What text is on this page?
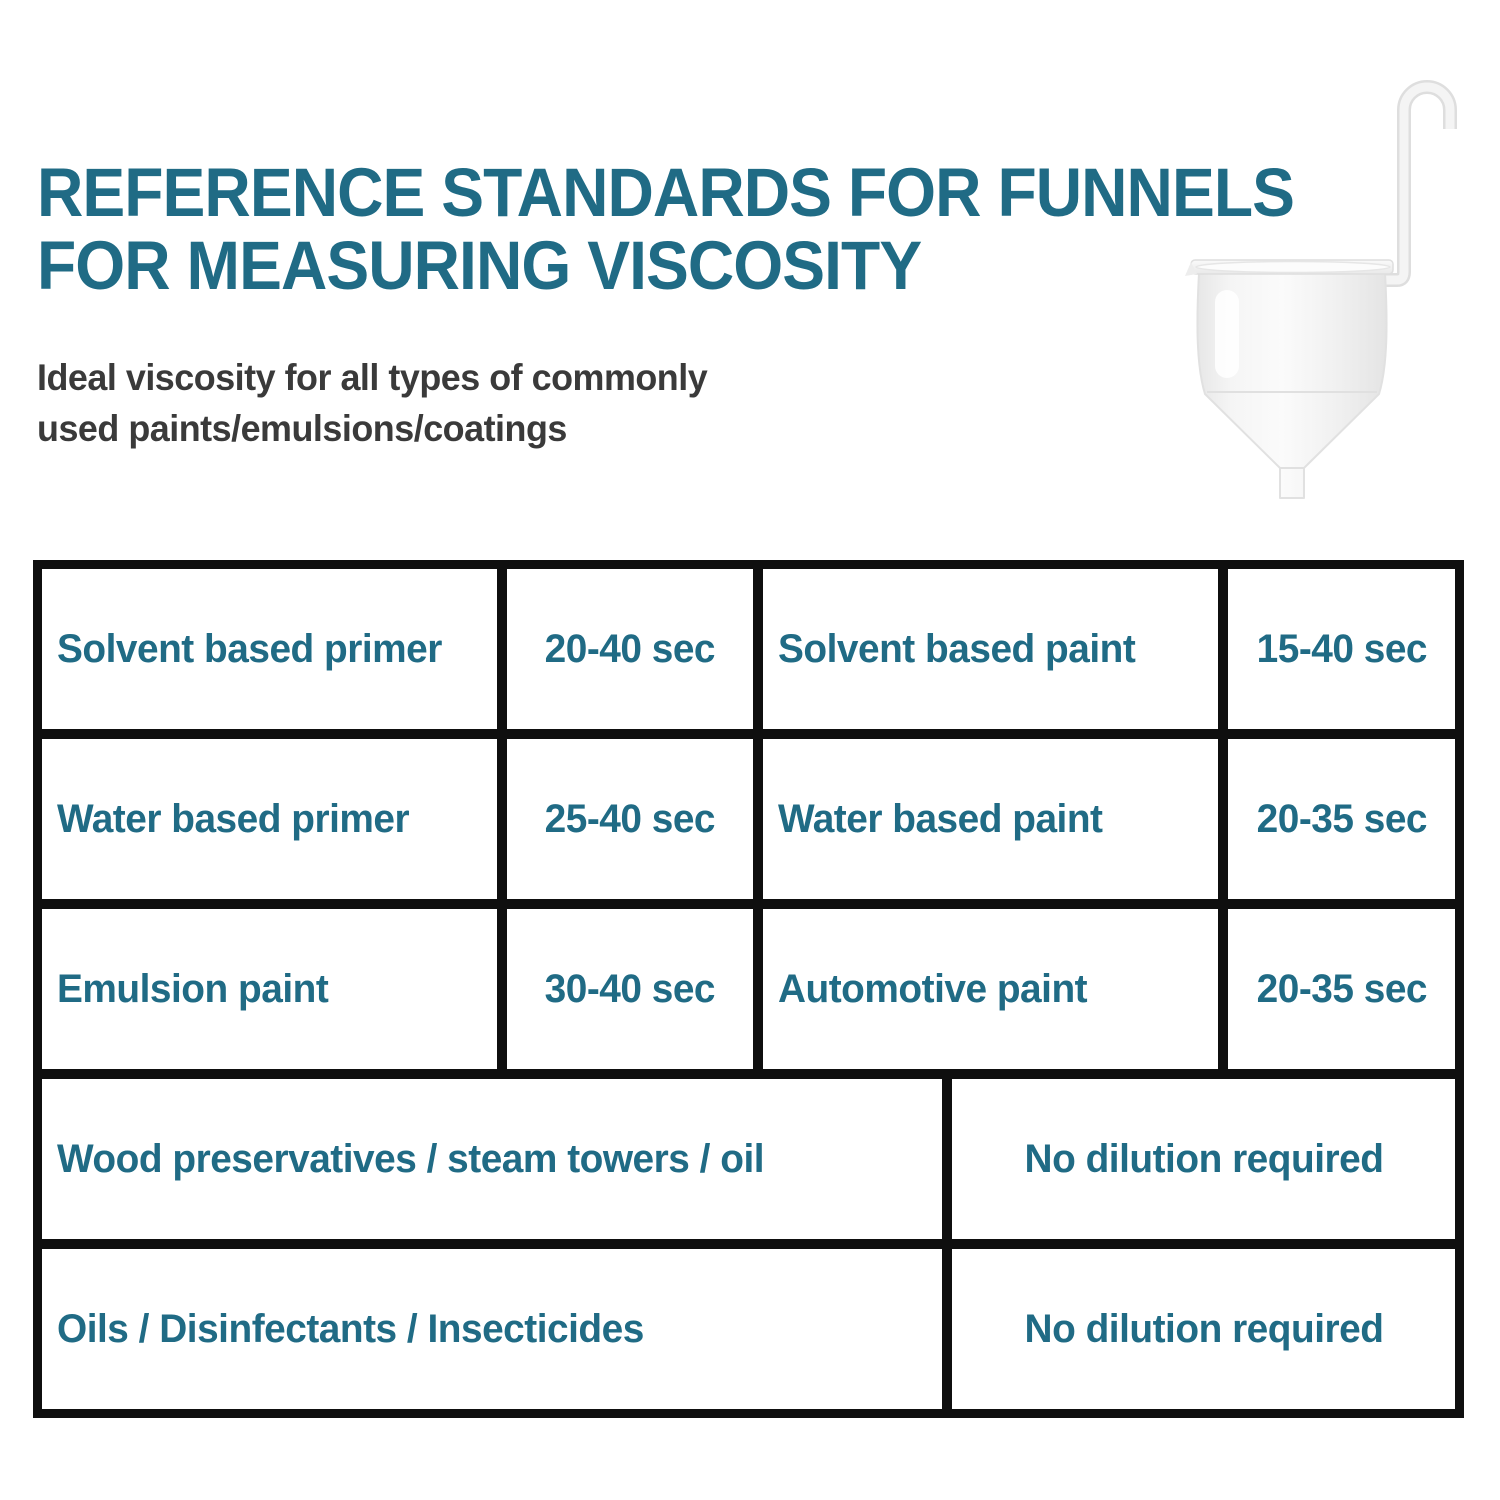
REFERENCE STANDARDS FOR FUNNELS
FOR MEASURING VISCOSITY

Ideal viscosity for all types of commonly
used paints/emulsions/coatings

Solvent based primer	20-40 sec Solvent based paint	15-40 sec
Water based primer	25-40 sec Water based paint	20-35 sec
Emulsion paint	30-40 sec Automotive paint	20-35 sec
Wood preservatives / steam towers / oil	No dilution required
Oils / Disinfectants / Insecticides	No dilution required
